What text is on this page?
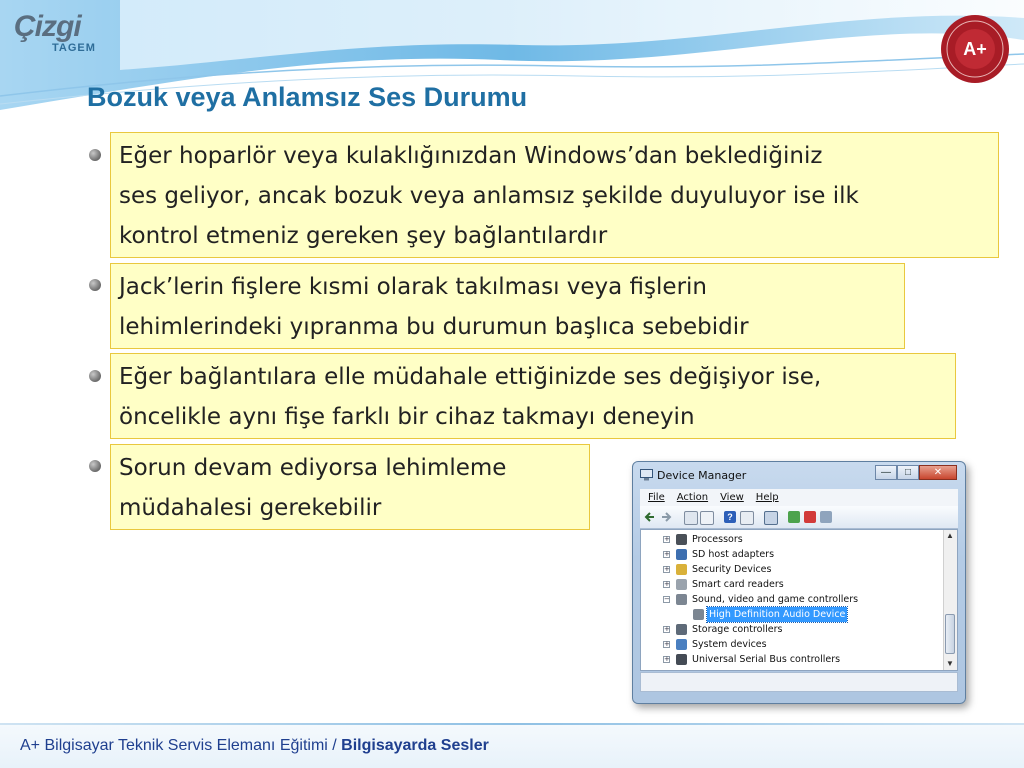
Çizgi
TAGEM	A+
Bozuk veya Anlamsız Ses Durumu
Eğer hoparlör veya kulaklığınızdan Windows’dan beklediğiniz
ses geliyor, ancak bozuk veya anlamsız şekilde duyuluyor ise ilk
kontrol etmeniz gereken şey bağlantılardır
Jack’lerin fişlere kısmi olarak takılması veya fişlerin
lehimlerindeki yıpranma bu durumun başlıca sebebidir
Eğer bağlantılara elle müdahale ettiğinizde ses değişiyor ise,
öncelikle aynı fişe farklı bir cihaz takmayı deneyin
Sorun devam ediyorsa lehimleme
müdahalesi gerekebilir
Device Manager	—	□	✕
File Action View Help
?
+ Processors
+ SD host adapters
+ Security Devices
+ Smart card readers
− Sound, video and game controllers
High Definition Audio Device
+ Storage controllers
+ System devices
+ Universal Serial Bus controllers
▲
▼
A+ Bilgisayar Teknik Servis Elemanı Eğitimi / Bilgisayarda Sesler
